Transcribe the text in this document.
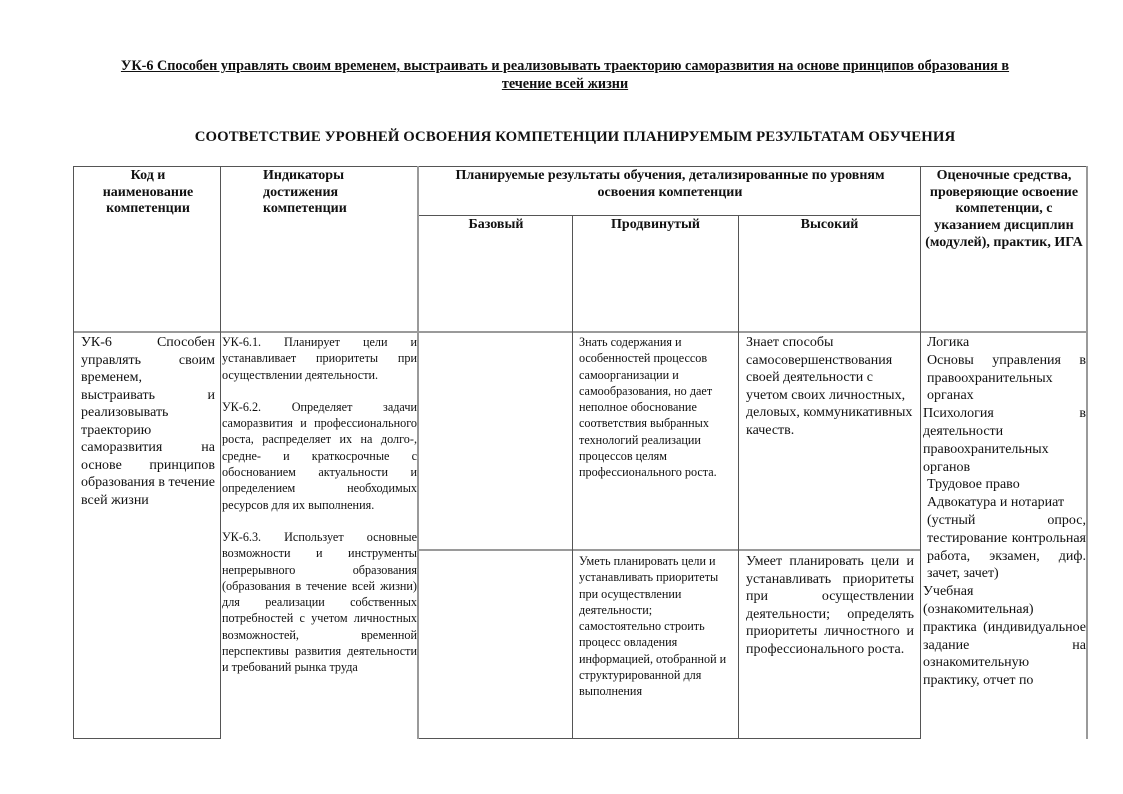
УК-6 Способен управлять своим временем, выстраивать и реализовывать траекторию саморазвития на основе принципов образования в течение всей жизни
СООТВЕТСТВИЕ УРОВНЕЙ ОСВОЕНИЯ КОМПЕТЕНЦИИ ПЛАНИРУЕМЫМ РЕЗУЛЬТАТАМ ОБУЧЕНИЯ
Код и наименование компетенции
Индикаторы достижения компетенции
Планируемые результаты обучения, детализированные по уровням освоения компетенции
Базовый	Продвинутый	Высокий
Оценочные средства, проверяющие освоение компетенции, с указанием дисциплин (модулей), практик, ИГА
УК-6 Способен управлять своим временем, выстраивать и реализовывать траекторию саморазвития на основе принципов образования в течение всей жизни

УК-6.1. Планирует цели и устанавливает приоритеты при осуществлении деятельности.

УК-6.2. Определяет задачи саморазвития и профессионального роста, распределяет их на долго-, средне- и краткосрочные с обоснованием актуальности и определением необходимых ресурсов для их выполнения.

УК-6.3. Использует основные возможности и инструменты непрерывного образования (образования в течение всей жизни) для реализации собственных потребностей с учетом личностных возможностей, временной перспективы развития деятельности и требований рынка труда

Знать содержания и особенностей процессов самоорганизации и самообразования, но дает неполное обоснование соответствия выбранных технологий реализации процессов целям профессионального роста.
Знает способы самосовершенствования своей деятельности с учетом своих личностных, деловых, коммуникативных качеств.
Уметь планировать цели и устанавливать приоритеты при осуществлении деятельности; самостоятельно строить процесс овладения информацией, отобранной и структурированной для выполнения
Умеет планировать цели и устанавливать приоритеты при осуществлении деятельности; определять приоритеты личностного и профессионального роста.

Логика

Основы управления в правоохранительных органах

Психология в деятельности правоохранительных органов

Трудовое право

Адвокатура и нотариат

(устный опрос, тестирование контрольная работа, экзамен, диф. зачет, зачет)

Учебная (ознакомительная) практика (индивидуальное задание на ознакомительную практику, отчет по
